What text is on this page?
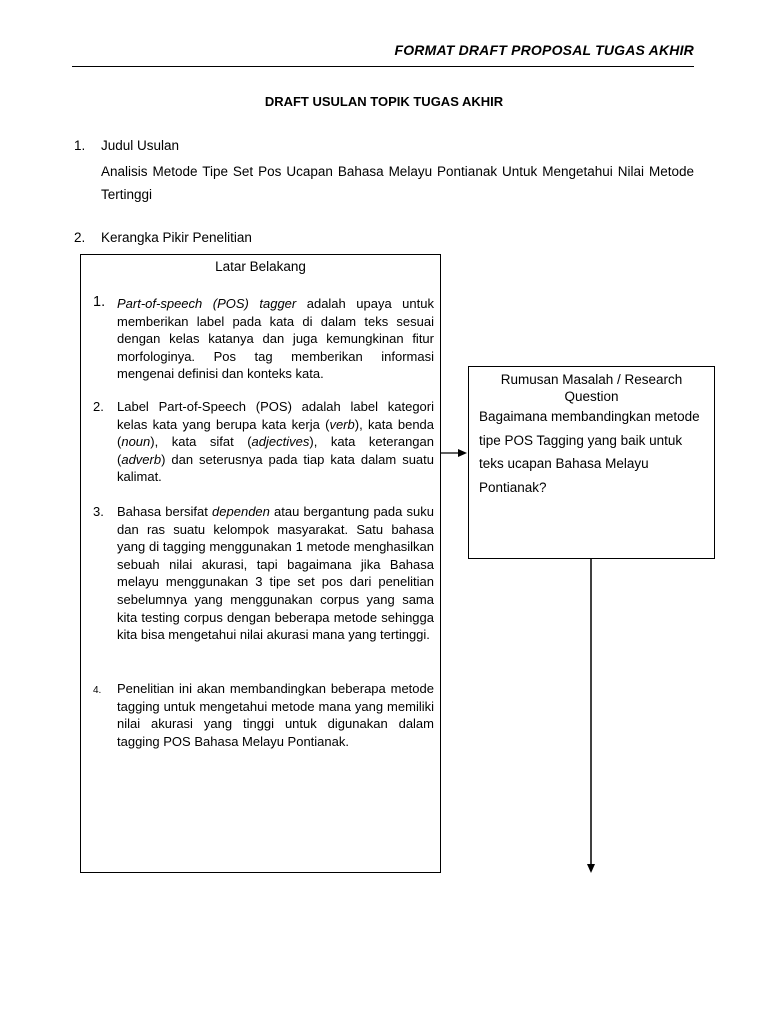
FORMAT DRAFT PROPOSAL TUGAS AKHIR
DRAFT USULAN TOPIK TUGAS AKHIR
1. Judul Usulan
Analisis Metode Tipe Set Pos Ucapan Bahasa Melayu Pontianak Untuk Mengetahui Nilai Metode Tertinggi
2. Kerangka Pikir Penelitian
Latar Belakang
1. Part-of-speech (POS) tagger adalah upaya untuk memberikan label pada kata di dalam teks sesuai dengan kelas katanya dan juga kemungkinan fitur morfologinya. Pos tag memberikan informasi mengenai definisi dan konteks kata.
2. Label Part-of-Speech (POS) adalah label kategori kelas kata yang berupa kata kerja (verb), kata benda (noun), kata sifat (adjectives), kata keterangan (adverb) dan seterusnya pada tiap kata dalam suatu kalimat.
3. Bahasa bersifat dependen atau bergantung pada suku dan ras suatu kelompok masyarakat. Satu bahasa yang di tagging menggunakan 1 metode menghasilkan sebuah nilai akurasi, tapi bagaimana jika Bahasa melayu menggunakan 3 tipe set pos dari penelitian sebelumnya yang menggunakan corpus yang sama kita testing corpus dengan beberapa metode sehingga kita bisa mengetahui nilai akurasi mana yang tertinggi.
4. Penelitian ini akan membandingkan beberapa metode tagging untuk mengetahui metode mana yang memiliki nilai akurasi yang tinggi untuk digunakan dalam tagging POS Bahasa Melayu Pontianak.
Rumusan Masalah / Research
Question
Bagaimana membandingkan metode tipe POS Tagging yang baik untuk teks ucapan Bahasa Melayu Pontianak?
